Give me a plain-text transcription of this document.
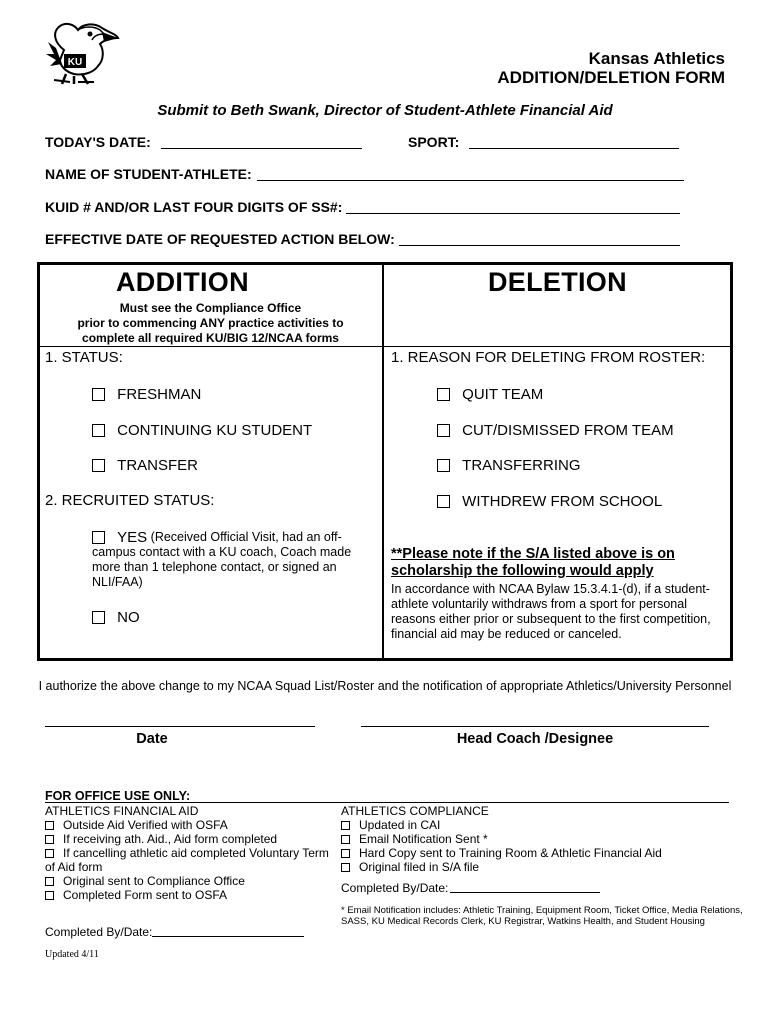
KU	Kansas Athletics
ADDITION/DELETION FORM
Submit to Beth Swank, Director of Student-Athlete Financial Aid
TODAY'S DATE:	SPORT:
NAME OF STUDENT-ATHLETE:
KUID # AND/OR LAST FOUR DIGITS OF SS#:
EFFECTIVE DATE OF REQUESTED ACTION BELOW:
ADDITION
Must see the Compliance Office
prior to commencing ANY practice activities to
complete all required KU/BIG 12/NCAA forms
1. STATUS:
FRESHMAN
CONTINUING KU STUDENT
TRANSFER
2. RECRUITED STATUS:
YES (Received Official Visit, had an off-
campus contact with a KU coach, Coach made
more than 1 telephone contact, or signed an
NLI/FAA)
NO
DELETION
1. REASON FOR DELETING FROM ROSTER:
QUIT TEAM
CUT/DISMISSED FROM TEAM
TRANSFERRING
WITHDREW FROM SCHOOL
**Please note if the S/A listed above is on
scholarship the following would apply
In accordance with NCAA Bylaw 15.3.4.1-(d), if a student-
athlete voluntarily withdraws from a sport for personal
reasons either prior or subsequent to the first competition,
financial aid may be reduced or canceled.
I authorize the above change to my NCAA Squad List/Roster and the notification of appropriate Athletics/University Personnel
Date	Head Coach /Designee
FOR OFFICE USE ONLY:
ATHLETICS FINANCIAL AID
Outside Aid Verified with OSFA
If receiving ath. Aid., Aid form completed
If cancelling athletic aid completed Voluntary Term
of Aid form
Original sent to Compliance Office
Completed Form sent to OSFA
Completed By/Date:
ATHLETICS COMPLIANCE
Updated in CAI
Email Notification Sent *
Hard Copy sent to Training Room & Athletic Financial Aid
Original filed in S/A file
Completed By/Date:
* Email Notification includes: Athletic Training, Equipment Room, Ticket Office, Media Relations,
SASS, KU Medical Records Clerk, KU Registrar, Watkins Health, and Student Housing
Updated 4/11
